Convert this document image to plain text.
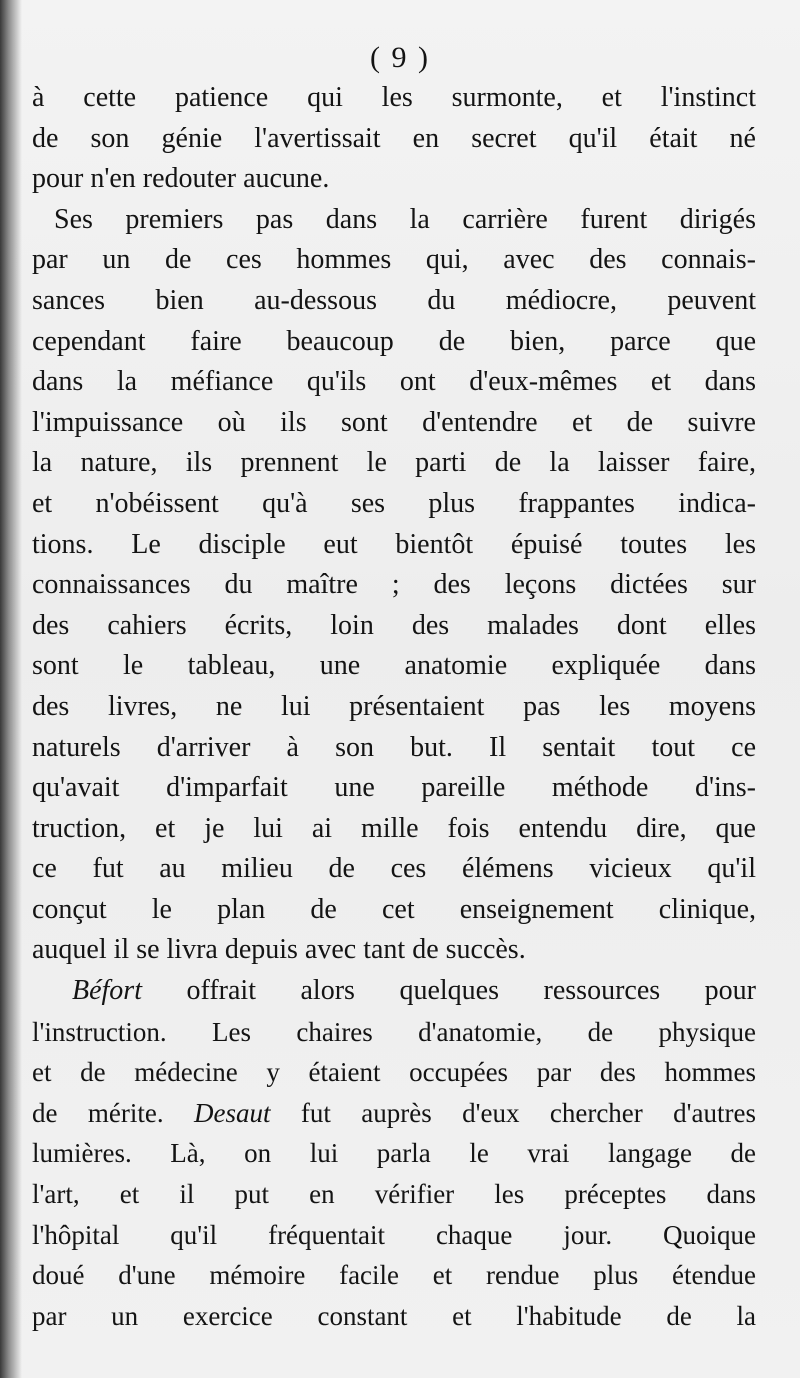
( 9 )
à cette patience qui les surmonte, et l'instinct
de son génie l'avertissait en secret qu'il était né
pour n'en redouter aucune.
Ses premiers pas dans la carrière furent dirigés
par un de ces hommes qui, avec des connais-
sances bien au-dessous du médiocre, peuvent
cependant faire beaucoup de bien, parce que
dans la méfiance qu'ils ont d'eux-mêmes et dans
l'impuissance où ils sont d'entendre et de suivre
la nature, ils prennent le parti de la laisser faire,
et n'obéissent qu'à ses plus frappantes indica-
tions. Le disciple eut bientôt épuisé toutes les
connaissances du maître ; des leçons dictées sur
des cahiers écrits, loin des malades dont elles
sont le tableau, une anatomie expliquée dans
des livres, ne lui présentaient pas les moyens
naturels d'arriver à son but. Il sentait tout ce
qu'avait d'imparfait une pareille méthode d'ins-
truction, et je lui ai mille fois entendu dire, que
ce fut au milieu de ces élémens vicieux qu'il
conçut le plan de cet enseignement clinique,
auquel il se livra depuis avec tant de succès.
Béfort offrait alors quelques ressources pour
l'instruction. Les chaires d'anatomie, de physique
et de médecine y étaient occupées par des hommes
de mérite. Desaut fut auprès d'eux chercher d'autres
lumières. Là, on lui parla le vrai langage de
l'art, et il put en vérifier les préceptes dans
l'hôpital qu'il fréquentait chaque jour. Quoique
doué d'une mémoire facile et rendue plus étendue
par un exercice constant et l'habitude de la
